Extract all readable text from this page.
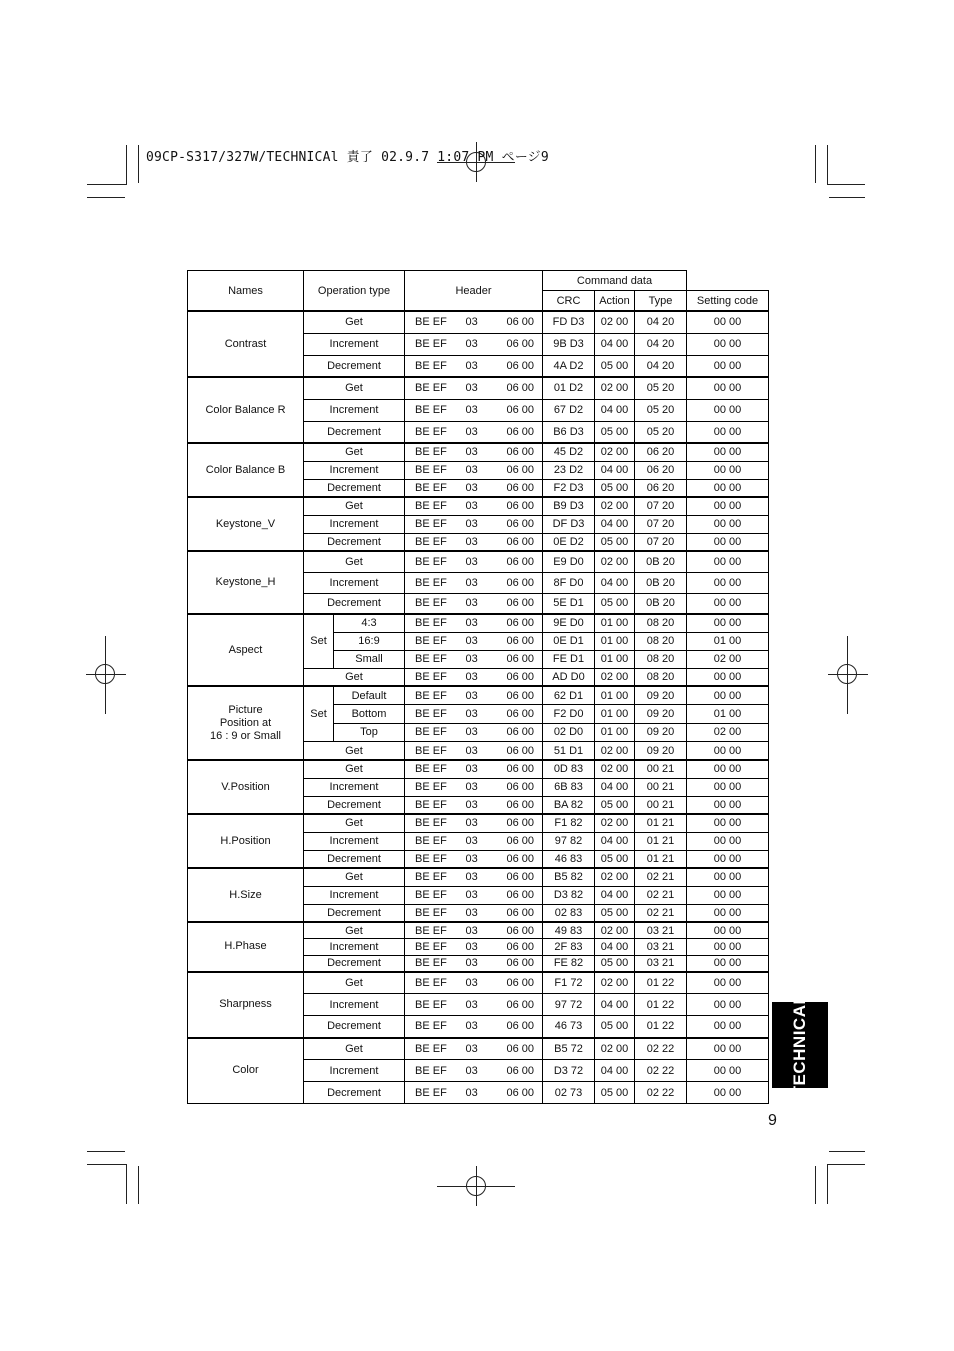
09CP-S317/327W/TECHNICAl 責了 02.9.7 1:07 PM ページ9
Names	Operation type		Header	Command data			
				CRC	Action	Type	Setting code
Contrast	Get		BE EF 03 06 00	FD D3	02 00	04 20	00 00
	Increment		BE EF 03 06 00	9B D3	04 00	04 20	00 00
	Decrement		BE EF 03 06 00	4A D2	05 00	04 20	00 00
Color Balance R	Get		BE EF 03 06 00	01 D2	02 00	05 20	00 00
	Increment		BE EF 03 06 00	67 D2	04 00	05 20	00 00
	Decrement		BE EF 03 06 00	B6 D3	05 00	05 20	00 00
Color Balance B	Get		BE EF 03 06 00	45 D2	02 00	06 20	00 00
	Increment		BE EF 03 06 00	23 D2	04 00	06 20	00 00
	Decrement		BE EF 03 06 00	F2 D3	05 00	06 20	00 00
Keystone_V	Get		BE EF 03 06 00	B9 D3	02 00	07 20	00 00
	Increment		BE EF 03 06 00	DF D3	04 00	07 20	00 00
	Decrement		BE EF 03 06 00	0E D2	05 00	07 20	00 00
Keystone_H	Get		BE EF 03 06 00	E9 D0	02 00	0B 20	00 00
	Increment		BE EF 03 06 00	8F D0	04 00	0B 20	00 00
	Decrement		BE EF 03 06 00	5E D1	05 00	0B 20	00 00
Aspect	Set	4:3	BE EF 03 06 00	9E D0	01 00	08 20	00 00
		16:9	BE EF 03 06 00	0E D1	01 00	08 20	01 00
		Small	BE EF 03 06 00	FE D1	01 00	08 20	02 00
	Get		BE EF 03 06 00	AD D0	02 00	08 20	00 00
Picture
Position at
16 : 9 or Small	Set	Default	BE EF 03 06 00	62 D1	01 00	09 20	00 00
		Bottom	BE EF 03 06 00	F2 D0	01 00	09 20	01 00
		Top	BE EF 03 06 00	02 D0	01 00	09 20	02 00
	Get		BE EF 03 06 00	51 D1	02 00	09 20	00 00
V.Position	Get		BE EF 03 06 00	0D 83	02 00	00 21	00 00
	Increment		BE EF 03 06 00	6B 83	04 00	00 21	00 00
	Decrement		BE EF 03 06 00	BA 82	05 00	00 21	00 00
H.Position	Get		BE EF 03 06 00	F1 82	02 00	01 21	00 00
	Increment		BE EF 03 06 00	97 82	04 00	01 21	00 00
	Decrement		BE EF 03 06 00	46 83	05 00	01 21	00 00
H.Size	Get		BE EF 03 06 00	B5 82	02 00	02 21	00 00
	Increment		BE EF 03 06 00	D3 82	04 00	02 21	00 00
	Decrement		BE EF 03 06 00	02 83	05 00	02 21	00 00
H.Phase	Get		BE EF 03 06 00	49 83	02 00	03 21	00 00
	Increment		BE EF 03 06 00	2F 83	04 00	03 21	00 00
	Decrement		BE EF 03 06 00	FE 82	05 00	03 21	00 00
Sharpness	Get		BE EF 03 06 00	F1 72	02 00	01 22	00 00
	Increment		BE EF 03 06 00	97 72	04 00	01 22	00 00
	Decrement		BE EF 03 06 00	46 73	05 00	01 22	00 00
Color	Get		BE EF 03 06 00	B5 72	02 00	02 22	00 00
	Increment		BE EF 03 06 00	D3 72	04 00	02 22	00 00
	Decrement		BE EF 03 06 00	02 73	05 00	02 22	00 00	TECHNICAL
9
